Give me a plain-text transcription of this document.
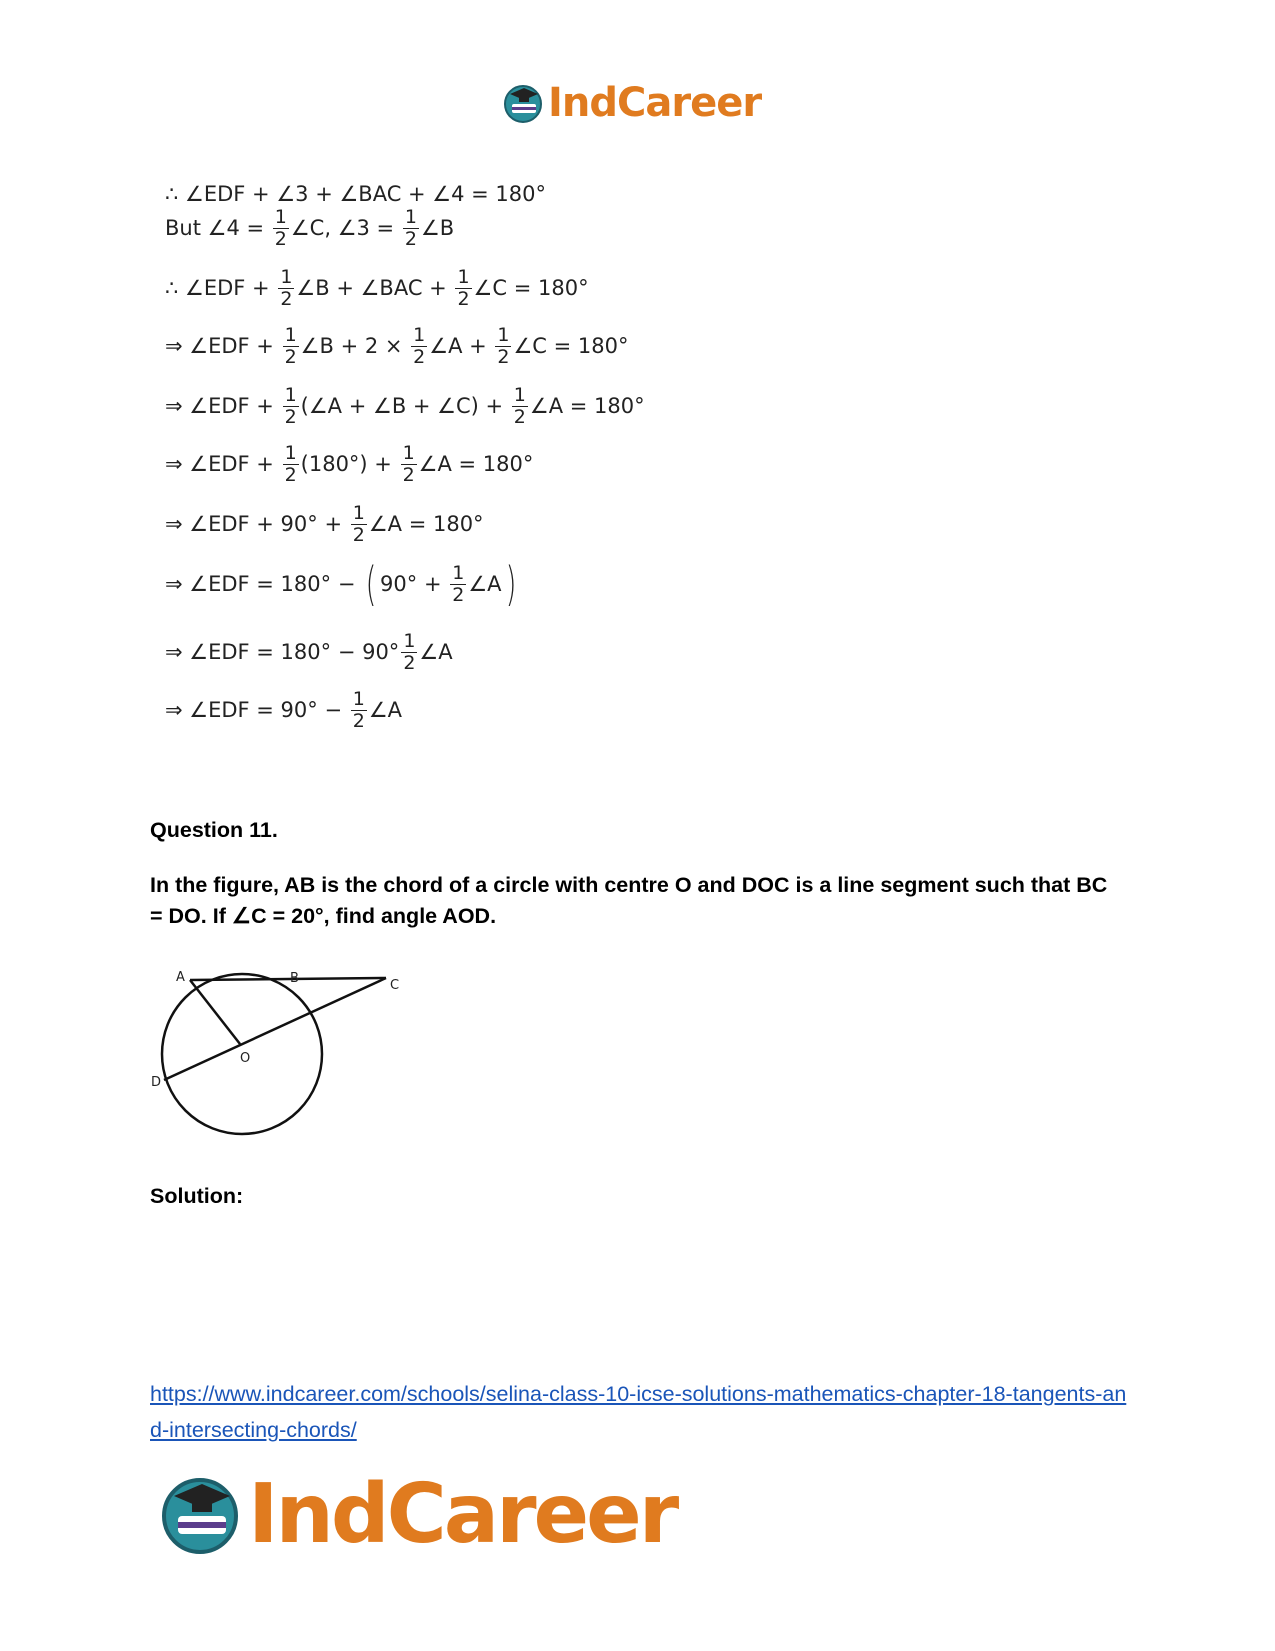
IndCareer
∴ ∠EDF + ∠3 + ∠BAC + ∠4 = 180°
But ∠4 = $\frac{1}{2}$ ∠C, ∠3 = $\frac{1}{2}$ ∠B
∴ ∠EDF + $\frac{1}{2}$ ∠B + ∠BAC + $\frac{1}{2}$ ∠C = 180°
⇒ ∠EDF + $\frac{1}{2}$ ∠B + $2 \times \frac{1}{2}$ ∠A + $\frac{1}{2}$ ∠C = 180°
⇒ ∠EDF + $\frac{1}{2}$ (∠A + ∠B + ∠C) + $\frac{1}{2}$ ∠A = 180°
⇒ ∠EDF + $\frac{1}{2} (180^\circ) + \frac{1}{2}$ ∠A = 180°
⇒ ∠EDF + $90^\circ + \frac{1}{2}$ ∠A = 180°
⇒ ∠EDF = 180° − ( $90^\circ + \frac{1}{2}$ ∠A )
⇒ ∠EDF = $180^\circ - 90^\circ \frac{1}{2}$ ∠A
⇒ ∠EDF = $90^\circ - \frac{1}{2}$ ∠A
Question 11.
In the figure, AB is the chord of a circle with centre O and DOC is a line segment such that BC = DO. If ∠C = 20°, find angle AOD.
A	B	C
O
D
Solution:
https://www.indcareer.com/schools/selina-class-10-icse-solutions-mathematics-chapter-18-tangents-and-intersecting-chords/
IndCareer
